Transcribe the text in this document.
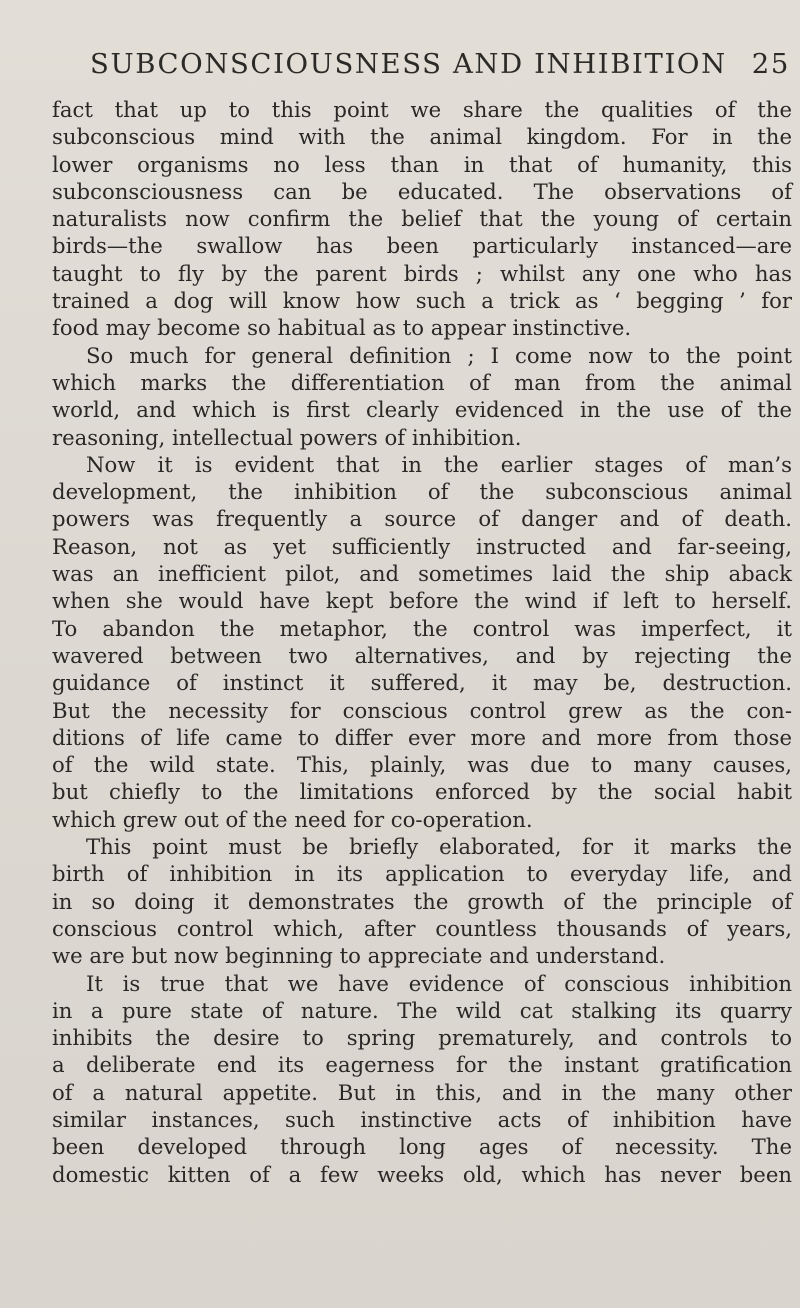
SUBCONSCIOUSNESS AND INHIBITION 25

fact that up to this point we share the qualities of the

subconscious mind with the animal kingdom. For in the

lower organisms no less than in that of humanity, this

subconsciousness can be educated. The observations of

naturalists now confirm the belief that the young of certain

birds—the swallow has been particularly instanced—are

taught to fly by the parent birds ; whilst any one who has

trained a dog will know how such a trick as ‘ begging ’ for

food may become so habitual as to appear instinctive.

So much for general definition ; I come now to the point

which marks the differentiation of man from the animal

world, and which is first clearly evidenced in the use of the

reasoning, intellectual powers of inhibition.

Now it is evident that in the earlier stages of man’s

development, the inhibition of the subconscious animal

powers was frequently a source of danger and of death.

Reason, not as yet sufficiently instructed and far-seeing,

was an inefficient pilot, and sometimes laid the ship aback

when she would have kept before the wind if left to herself.

To abandon the metaphor, the control was imperfect, it

wavered between two alternatives, and by rejecting the

guidance of instinct it suffered, it may be, destruction.

But the necessity for conscious control grew as the con-

ditions of life came to differ ever more and more from those

of the wild state. This, plainly, was due to many causes,

but chiefly to the limitations enforced by the social habit

which grew out of the need for co-operation.

This point must be briefly elaborated, for it marks the

birth of inhibition in its application to everyday life, and

in so doing it demonstrates the growth of the principle of

conscious control which, after countless thousands of years,

we are but now beginning to appreciate and understand.

It is true that we have evidence of conscious inhibition

in a pure state of nature. The wild cat stalking its quarry

inhibits the desire to spring prematurely, and controls to

a deliberate end its eagerness for the instant gratification

of a natural appetite. But in this, and in the many other

similar instances, such instinctive acts of inhibition have

been developed through long ages of necessity. The

domestic kitten of a few weeks old, which has never been
